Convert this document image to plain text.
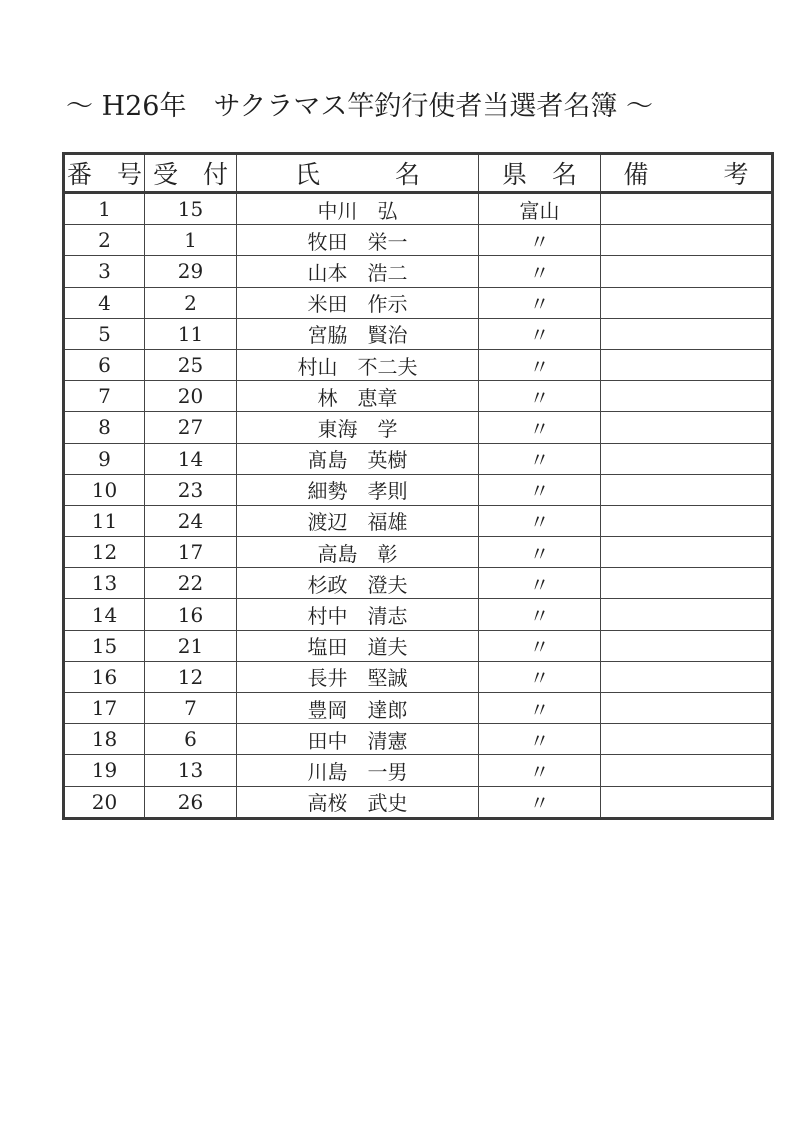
～ H26年　サクラマス竿釣行使者当選者名簿 ～
番　号	受　付	氏　　　名	県　名	備　　　考
1	15	中川　弘	富山	
2	1	牧田　栄一	〃	
3	29	山本　浩二	〃	
4	2	米田　作示	〃	
5	11	宮脇　賢治	〃	
6	25	村山　不二夫	〃	
7	20	林　恵章	〃	
8	27	東海　学	〃	
9	14	髙島　英樹	〃	
10	23	細勢　孝則	〃	
11	24	渡辺　福雄	〃	
12	17	高島　彰	〃	
13	22	杉政　澄夫	〃	
14	16	村中　清志	〃	
15	21	塩田　道夫	〃	
16	12	長井　堅誠	〃	
17	7	豊岡　達郎	〃	
18	6	田中　清憲	〃	
19	13	川島　一男	〃	
20	26	高桜　武史	〃	
